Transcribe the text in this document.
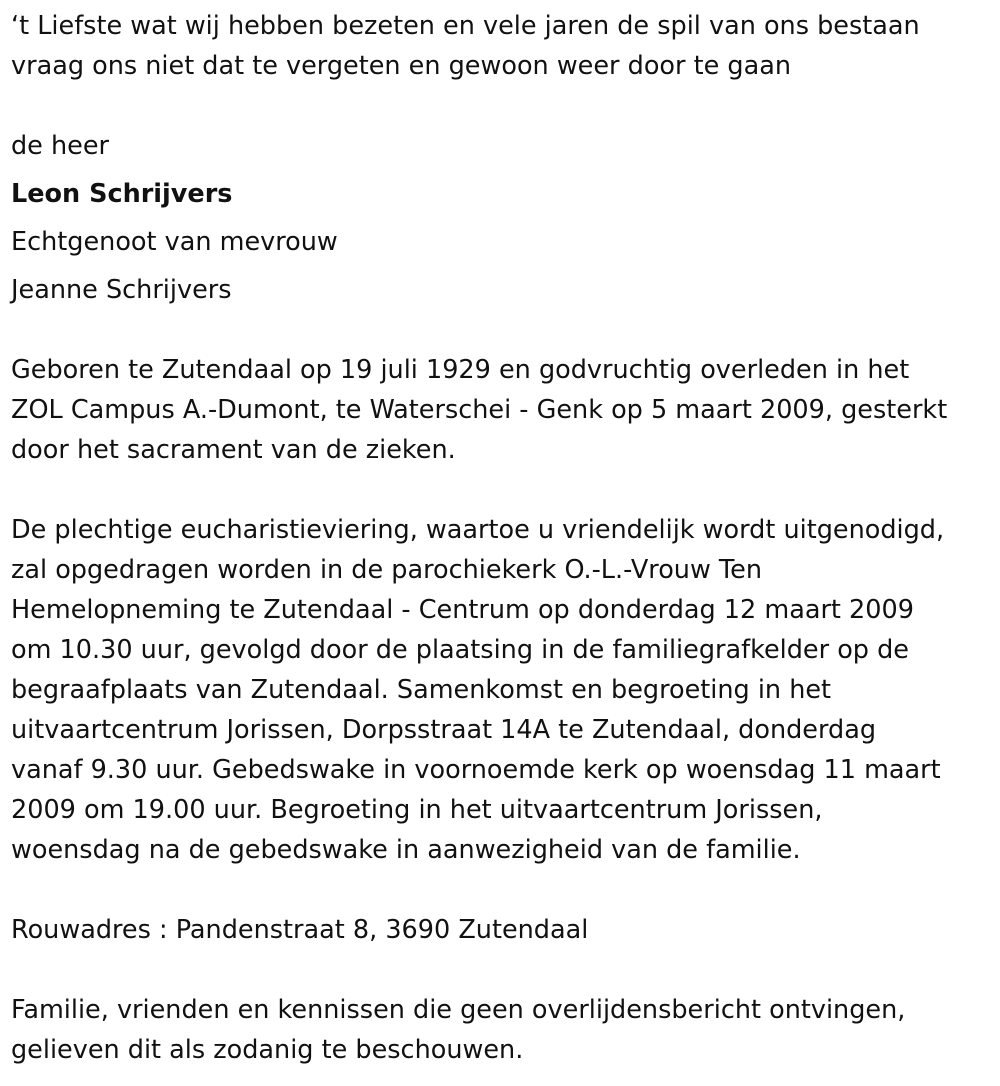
‘t Liefste wat wij hebben bezeten en vele jaren de spil van ons bestaan
vraag ons niet dat te vergeten en gewoon weer door te gaan
de heer
Leon Schrijvers
Echtgenoot van mevrouw
Jeanne Schrijvers

Geboren te Zutendaal op 19 juli 1929 en godvruchtig overleden in het
ZOL Campus A.-Dumont, te Waterschei - Genk op 5 maart 2009, gesterkt
door het sacrament van de zieken.

De plechtige eucharistieviering, waartoe u vriendelijk wordt uitgenodigd,
zal opgedragen worden in de parochiekerk O.-L.-Vrouw Ten
Hemelopneming te Zutendaal - Centrum op donderdag 12 maart 2009
om 10.30 uur, gevolgd door de plaatsing in de familiegrafkelder op de
begraafplaats van Zutendaal. Samenkomst en begroeting in het
uitvaartcentrum Jorissen, Dorpsstraat 14A te Zutendaal, donderdag
vanaf 9.30 uur. Gebedswake in voornoemde kerk op woensdag 11 maart
2009 om 19.00 uur. Begroeting in het uitvaartcentrum Jorissen,
woensdag na de gebedswake in aanwezigheid van de familie.

Rouwadres : Pandenstraat 8, 3690 Zutendaal

Familie, vrienden en kennissen die geen overlijdensbericht ontvingen,
gelieven dit als zodanig te beschouwen.
